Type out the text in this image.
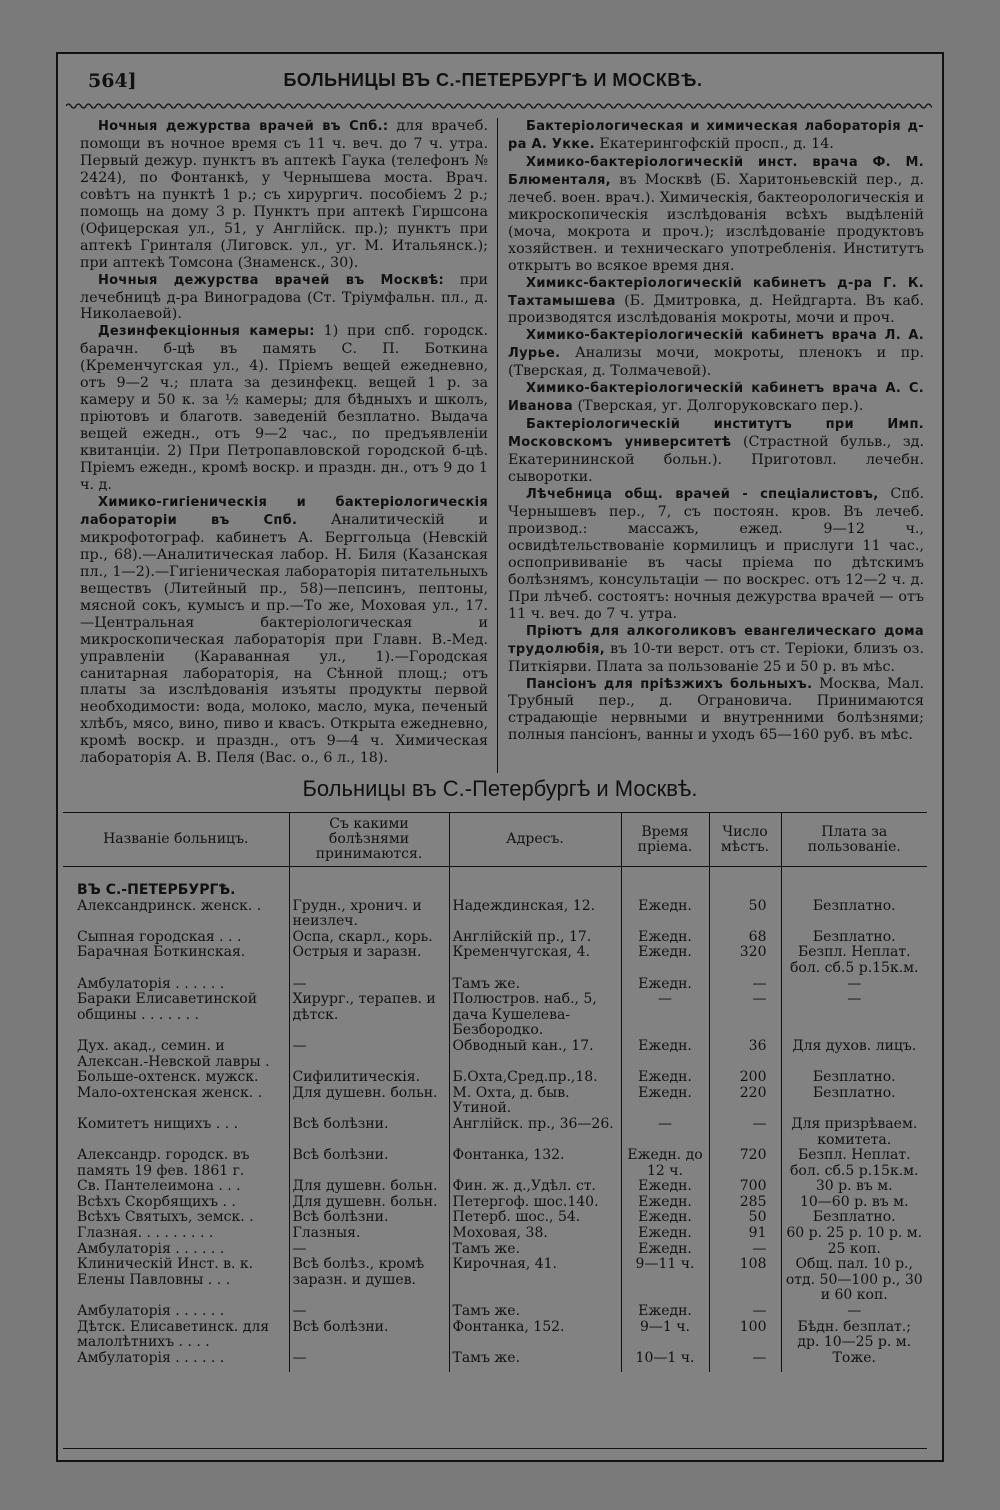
564]	БОЛЬНИЦЫ ВЪ С.-ПЕТЕРБУРГѢ И МОСКВѢ.

Ночныя дежурства врачей въ Спб.: для врачеб. помощи въ ночное время съ 11 ч. веч. до 7 ч. утра. Первый дежур. пунктъ въ аптекѣ Гаука (телефонъ № 2424), по Фонтанкѣ, у Чернышева моста. Врач. совѣтъ на пунктѣ 1 р.; съ хирургич. пособіемъ 2 р.; помощь на дому 3 р. Пунктъ при аптекѣ Гиршсона (Офицерская ул., 51, у Англійск. пр.); пунктъ при аптекѣ Гринталя (Лиговск. ул., уг. М. Итальянск.); при аптекѣ Томсона (Знаменск., 30).

Ночныя дежурства врачей въ Москвѣ: при лечебницѣ д-ра Виноградова (Ст. Тріумфальн. пл., д. Николаевой).

Дезинфекціонныя камеры: 1) при спб. городск. барачн. б-цѣ въ память С. П. Боткина (Кременчугская ул., 4). Пріемъ вещей ежедневно, отъ 9—2 ч.; плата за дезинфекц. вещей 1 р. за камеру и 50 к. за ½ камеры; для бѣдныхъ и школъ, пріютовъ и благотв. заведеній безплатно. Выдача вещей ежедн., отъ 9—2 час., по предъявленіи квитанціи. 2) При Петропавловской городской б-цѣ. Пріемъ ежедн., кромѣ воскр. и праздн. дн., отъ 9 до 1 ч. д.

Химико-гигіеническія и бактеріологическія лабораторіи въ Спб. Аналитическій и микрофотограф. кабинетъ А. Берггольца (Невскій пр., 68).—Аналитическая лабор. Н. Биля (Казанская пл., 1—2).—Гигіеническая лабораторія питательныхъ веществъ (Литейный пр., 58)—пепсинъ, пептоны, мясной сокъ, кумысъ и пр.—То же, Моховая ул., 17.—Центральная бактеріологическая и микроскопическая лабораторія при Главн. В.-Мед. управленіи (Караванная ул., 1).—Городская санитарная лабораторія, на Сѣнной площ.; отъ платы за изслѣдованія изъяты продукты первой необходимости: вода, молоко, масло, мука, печеный хлѣбъ, мясо, вино, пиво и квасъ. Открыта ежедневно, кромѣ воскр. и праздн., отъ 9—4 ч. Химическая лабораторія А. В. Пеля (Вас. о., 6 л., 18).

Бактеріологическая и химическая лабораторія д-ра А. Укке. Екатерингофскій просп., д. 14.

Химико-бактеріологическій инст. врача Ф. М. Блюменталя, въ Москвѣ (Б. Харитоньевскій пер., д. лечеб. воен. врач.). Химическія, бактеорологическія и микроскопическія изслѣдованія всѣхъ выдѣленій (моча, мокрота и проч.); изслѣдованіе продуктовъ хозяйствен. и техническаго употребленія. Институтъ открытъ во всякое время дня.

Химикс-бактеріологическій кабинетъ д-ра Г. К. Тахтамышева (Б. Дмитровка, д. Нейдгарта. Въ каб. производятся изслѣдованія мокроты, мочи и проч.

Химико-бактеріологическій кабинетъ врача Л. А. Лурье. Анализы мочи, мокроты, пленокъ и пр. (Тверская, д. Толмачевой).

Химико-бактеріологическій кабинетъ врача А. С. Иванова (Тверская, уг. Долгоруковскаго пер.).

Бактеріологическій институтъ при Имп. Московскомъ университетѣ (Страстной бульв., зд. Екатерининской больн.). Приготовл. лечебн. сыворотки.

Лѣчебница общ. врачей - спеціалистовъ, Спб. Чернышевъ пер., 7, съ постоян. кров. Въ лечеб. производ.: массажъ, ежед. 9—12 ч., освидѣтельствованіе кормилицъ и прислуги 11 час., оспопрививаніе въ часы пріема по дѣтскимъ болѣзнямъ, консультаціи — по воскрес. отъ 12—2 ч. д. При лѣчеб. состоятъ: ночныя дежурства врачей — отъ 11 ч. веч. до 7 ч. утра.

Пріютъ для алкоголиковъ евангелическаго дома трудолюбія, въ 10-ти верст. отъ ст. Теріоки, близъ оз. Питкіярви. Плата за пользованіе 25 и 50 р. въ мѣс.

Пансіонъ для пріѣзжихъ больныхъ. Москва, Мал. Трубный пер., д. Ограновича. Принимаются страдающіе нервными и внутренними болѣзнями; полныя пансіонъ, ванны и уходъ 65—160 руб. въ мѣс.

Больницы въ С.-Петербургѣ и Москвѣ.
Названіе больницъ.	Съ какими болѣзнями принимаются.	Адресъ.	Время пріема.	Число мѣстъ.	Плата за пользованіе.
ВЪ С.-ПЕТЕРБУРГѢ.					
Александринск. женск. .	Грудн., хронич. и неизлеч.	Надеждинская, 12.	Ежедн.	50	Безплатно.
Сыпная городская . . .	Оспа, скарл., корь.	Англійскій пр., 17.	Ежедн.	68	Безплатно.
Барачная Боткинская.	Острыя и заразн.	Кременчугская, 4.	Ежедн.	320	Безпл. Неплат. бол. сб.5 р.15к.м.
Амбулаторія . . . . . .	—	Тамъ же.	Ежедн.	—	—
Бараки Елисаветинской общины . . . . . . .	Хирург., терапев. и дѣтск.	Полюстров. наб., 5, дача Кушелева-Безбородко.	—	—	—
Дух. акад., семин. и Алексан.-Невской лавры .	—	Обводный кан., 17.	Ежедн.	36	Для духов. лицъ.
Больше-охтенск. мужск.	Сифилитическія.	Б.Охта,Сред.пр.,18.	Ежедн.	200	Безплатно.
Мало-охтенская женск. .	Для душевн. больн.	М. Охта, д. быв. Утиной.	Ежедн.	220	Безплатно.
Комитетъ нищихъ . . .	Всѣ болѣзни.	Англійск. пр., 36—26.	—	—	Для призрѣваем. комитета.
Александр. городск. въ память 19 фев. 1861 г.	Всѣ болѣзни.	Фонтанка, 132.	Ежедн. до 12 ч.	720	Безпл. Неплат. бол. сб.5 р.15к.м.
Св. Пантелеимона . . .	Для душевн. больн.	Фин. ж. д.,Удѣл. ст.	Ежедн.	700	30 р. въ м.
Всѣхъ Скорбящихъ . .	Для душевн. больн.	Петергоф. шос.140.	Ежедн.	285	10—60 р. въ м.
Всѣхъ Святыхъ, земск. .	Всѣ болѣзни.	Петерб. шос., 54.	Ежедн.	50	Безплатно.
Глазная. . . . . . . . .	Глазныя.	Моховая, 38.	Ежедн.	91	60 р. 25 р. 10 р. м.
Амбулаторія . . . . . .	—	Тамъ же.	Ежедн.	—	25 коп.
Клиническій Инст. в. к. Елены Павловны . . .	Всѣ болѣз., кромѣ заразн. и душев.	Кирочная, 41.	9—11 ч.	108	Общ. пал. 10 р., отд. 50—100 р., 30 и 60 коп.
Амбулаторія . . . . . .	—	Тамъ же.	Ежедн.	—	—
Дѣтск. Елисаветинск. для малолѣтнихъ . . . .	Всѣ болѣзни.	Фонтанка, 152.	9—1 ч.	100	Бѣдн. безплат.; др. 10—25 р. м.
Амбулаторія . . . . . .	—	Тамъ же.	10—1 ч.	—	Тоже.
